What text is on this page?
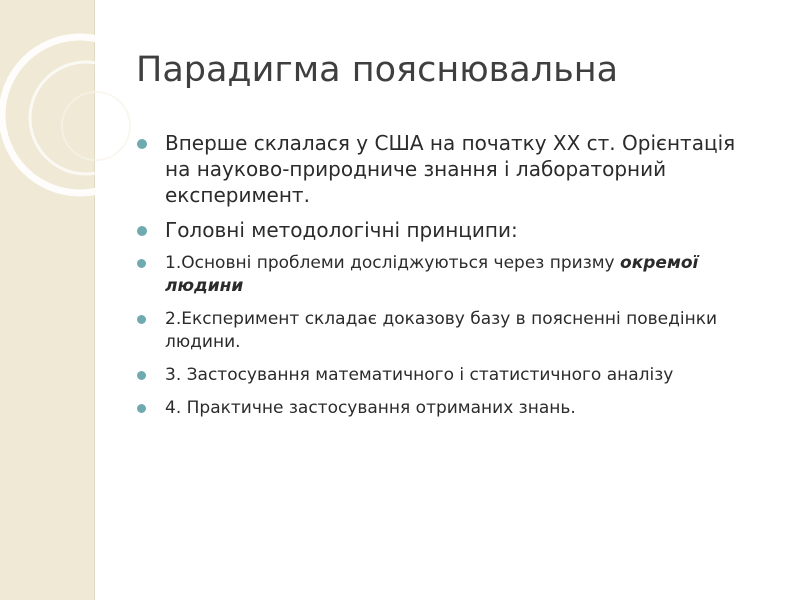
Парадигма пояснювальна
Вперше склалася у США на початку XX ст. Орієнтація на науково-природниче знання і лабораторний експеримент.
Головні методологічні принципи:
1.Основні проблеми досліджуються через призму окремої людини
2.Експеримент складає доказову базу в поясненні поведінки людини.
3. Застосування математичного і статистичного аналізу
4. Практичне застосування отриманих знань.
